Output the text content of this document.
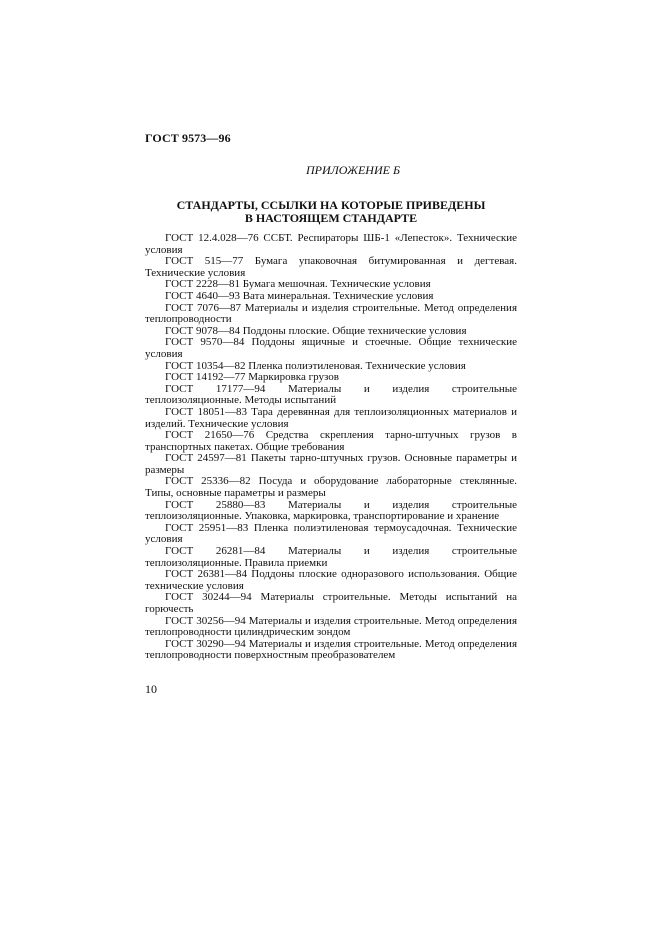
ГОСТ 9573—96
ПРИЛОЖЕНИЕ Б
СТАНДАРТЫ, ССЫЛКИ НА КОТОРЫЕ ПРИВЕДЕНЫ
В НАСТОЯЩЕМ СТАНДАРТЕ

ГОСТ 12.4.028—76 ССБТ. Респираторы ШБ-1 «Лепесток». Технические условия

ГОСТ 515—77 Бумага упаковочная битумированная и дегтевая. Технические условия

ГОСТ 2228—81 Бумага мешочная. Технические условия

ГОСТ 4640—93 Вата минеральная. Технические условия

ГОСТ 7076—87 Материалы и изделия строительные. Метод определения теплопроводности

ГОСТ 9078—84 Поддоны плоские. Общие технические условия

ГОСТ 9570—84 Поддоны ящичные и стоечные. Общие технические условия

ГОСТ 10354—82 Пленка полиэтиленовая. Технические условия

ГОСТ 14192—77 Маркировка грузов

ГОСТ 17177—94 Материалы и изделия строительные теплоизоляционные. Методы испытаний

ГОСТ 18051—83 Тара деревянная для теплоизоляционных материалов и изделий. Технические условия

ГОСТ 21650—76 Средства скрепления тарно-штучных грузов в транспортных пакетах. Общие требования

ГОСТ 24597—81 Пакеты тарно-штучных грузов. Основные параметры и размеры

ГОСТ 25336—82 Посуда и оборудование лабораторные стеклянные. Типы, основные параметры и размеры

ГОСТ 25880—83 Материалы и изделия строительные теплоизоляционные. Упаковка, маркировка, транспортирование и хранение

ГОСТ 25951—83 Пленка полиэтиленовая термоусадочная. Технические условия

ГОСТ 26281—84 Материалы и изделия строительные теплоизоляционные. Правила приемки

ГОСТ 26381—84 Поддоны плоские одноразового использования. Общие технические условия

ГОСТ 30244—94 Материалы строительные. Методы испытаний на горючесть

ГОСТ 30256—94 Материалы и изделия строительные. Метод определения теплопроводности цилиндрическим зондом

ГОСТ 30290—94 Материалы и изделия строительные. Метод определения теплопроводности поверхностным преобразователем

10
